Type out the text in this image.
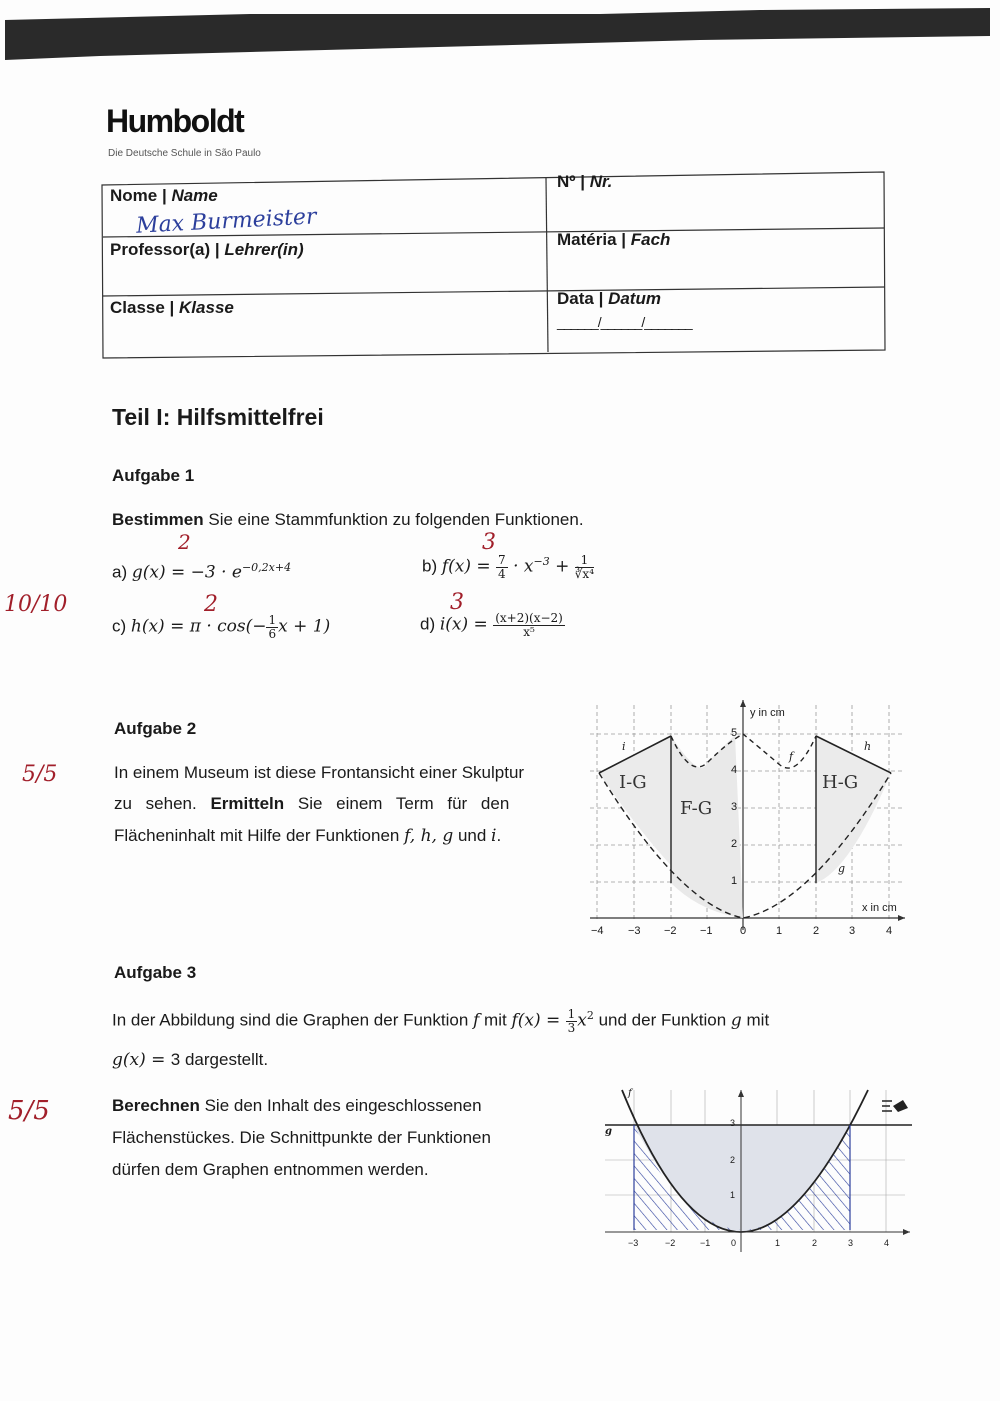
Humboldt
Die Deutsche Schule in São Paulo
Nome | Name
Max Burmeister
Nº | Nr.
Professor(a) | Lehrer(in)
Matéria | Fach
Classe | Klasse	Data | Datum
______/______/_______
Teil I: Hilfsmittelfrei
Aufgabe 1
Bestimmen Sie eine Stammfunktion zu folgenden Funktionen.
2	3
2	3
10/10
a) $g(x) = -3 \cdot e^{-0,2x+4}$	b) $f(x) = \frac{7}{4} \cdot x^{-3} + \frac{1}{\text{∛x⁴}}$
c) $h(x) = \pi \cdot \cos(- \frac{1}{6}$ x + 1)	d) $i(x) = \frac{(x+2)(x-2)}{\text{x⁵}}$
Aufgabe 2
5/5	In einem Museum ist diese Frontansicht einer Skulptur
zu sehen. Ermitteln Sie einem Term für den
Flächeninhalt mit Hilfe der Funktionen f, h, g und i.
y in cm
x in cm
−4 −3 −2 −1 0	1	2	3	4
1
2
3
4
5
i
f
h
g
I-G
F-G
H-G
Aufgabe 3
In der Abbildung sind die Graphen der Funktion f mit $f(x) = \frac{1}{3} x^2$ und der Funktion g mit
g(x) = 3 dargestellt.
5/5	Berechnen Sie den Inhalt des eingeschlossenen
Flächenstückes. Die Schnittpunkte der Funktionen
dürfen dem Graphen entnommen werden.
f
g
−3	−2	−1 0	1	2	3	4
1
2
3
